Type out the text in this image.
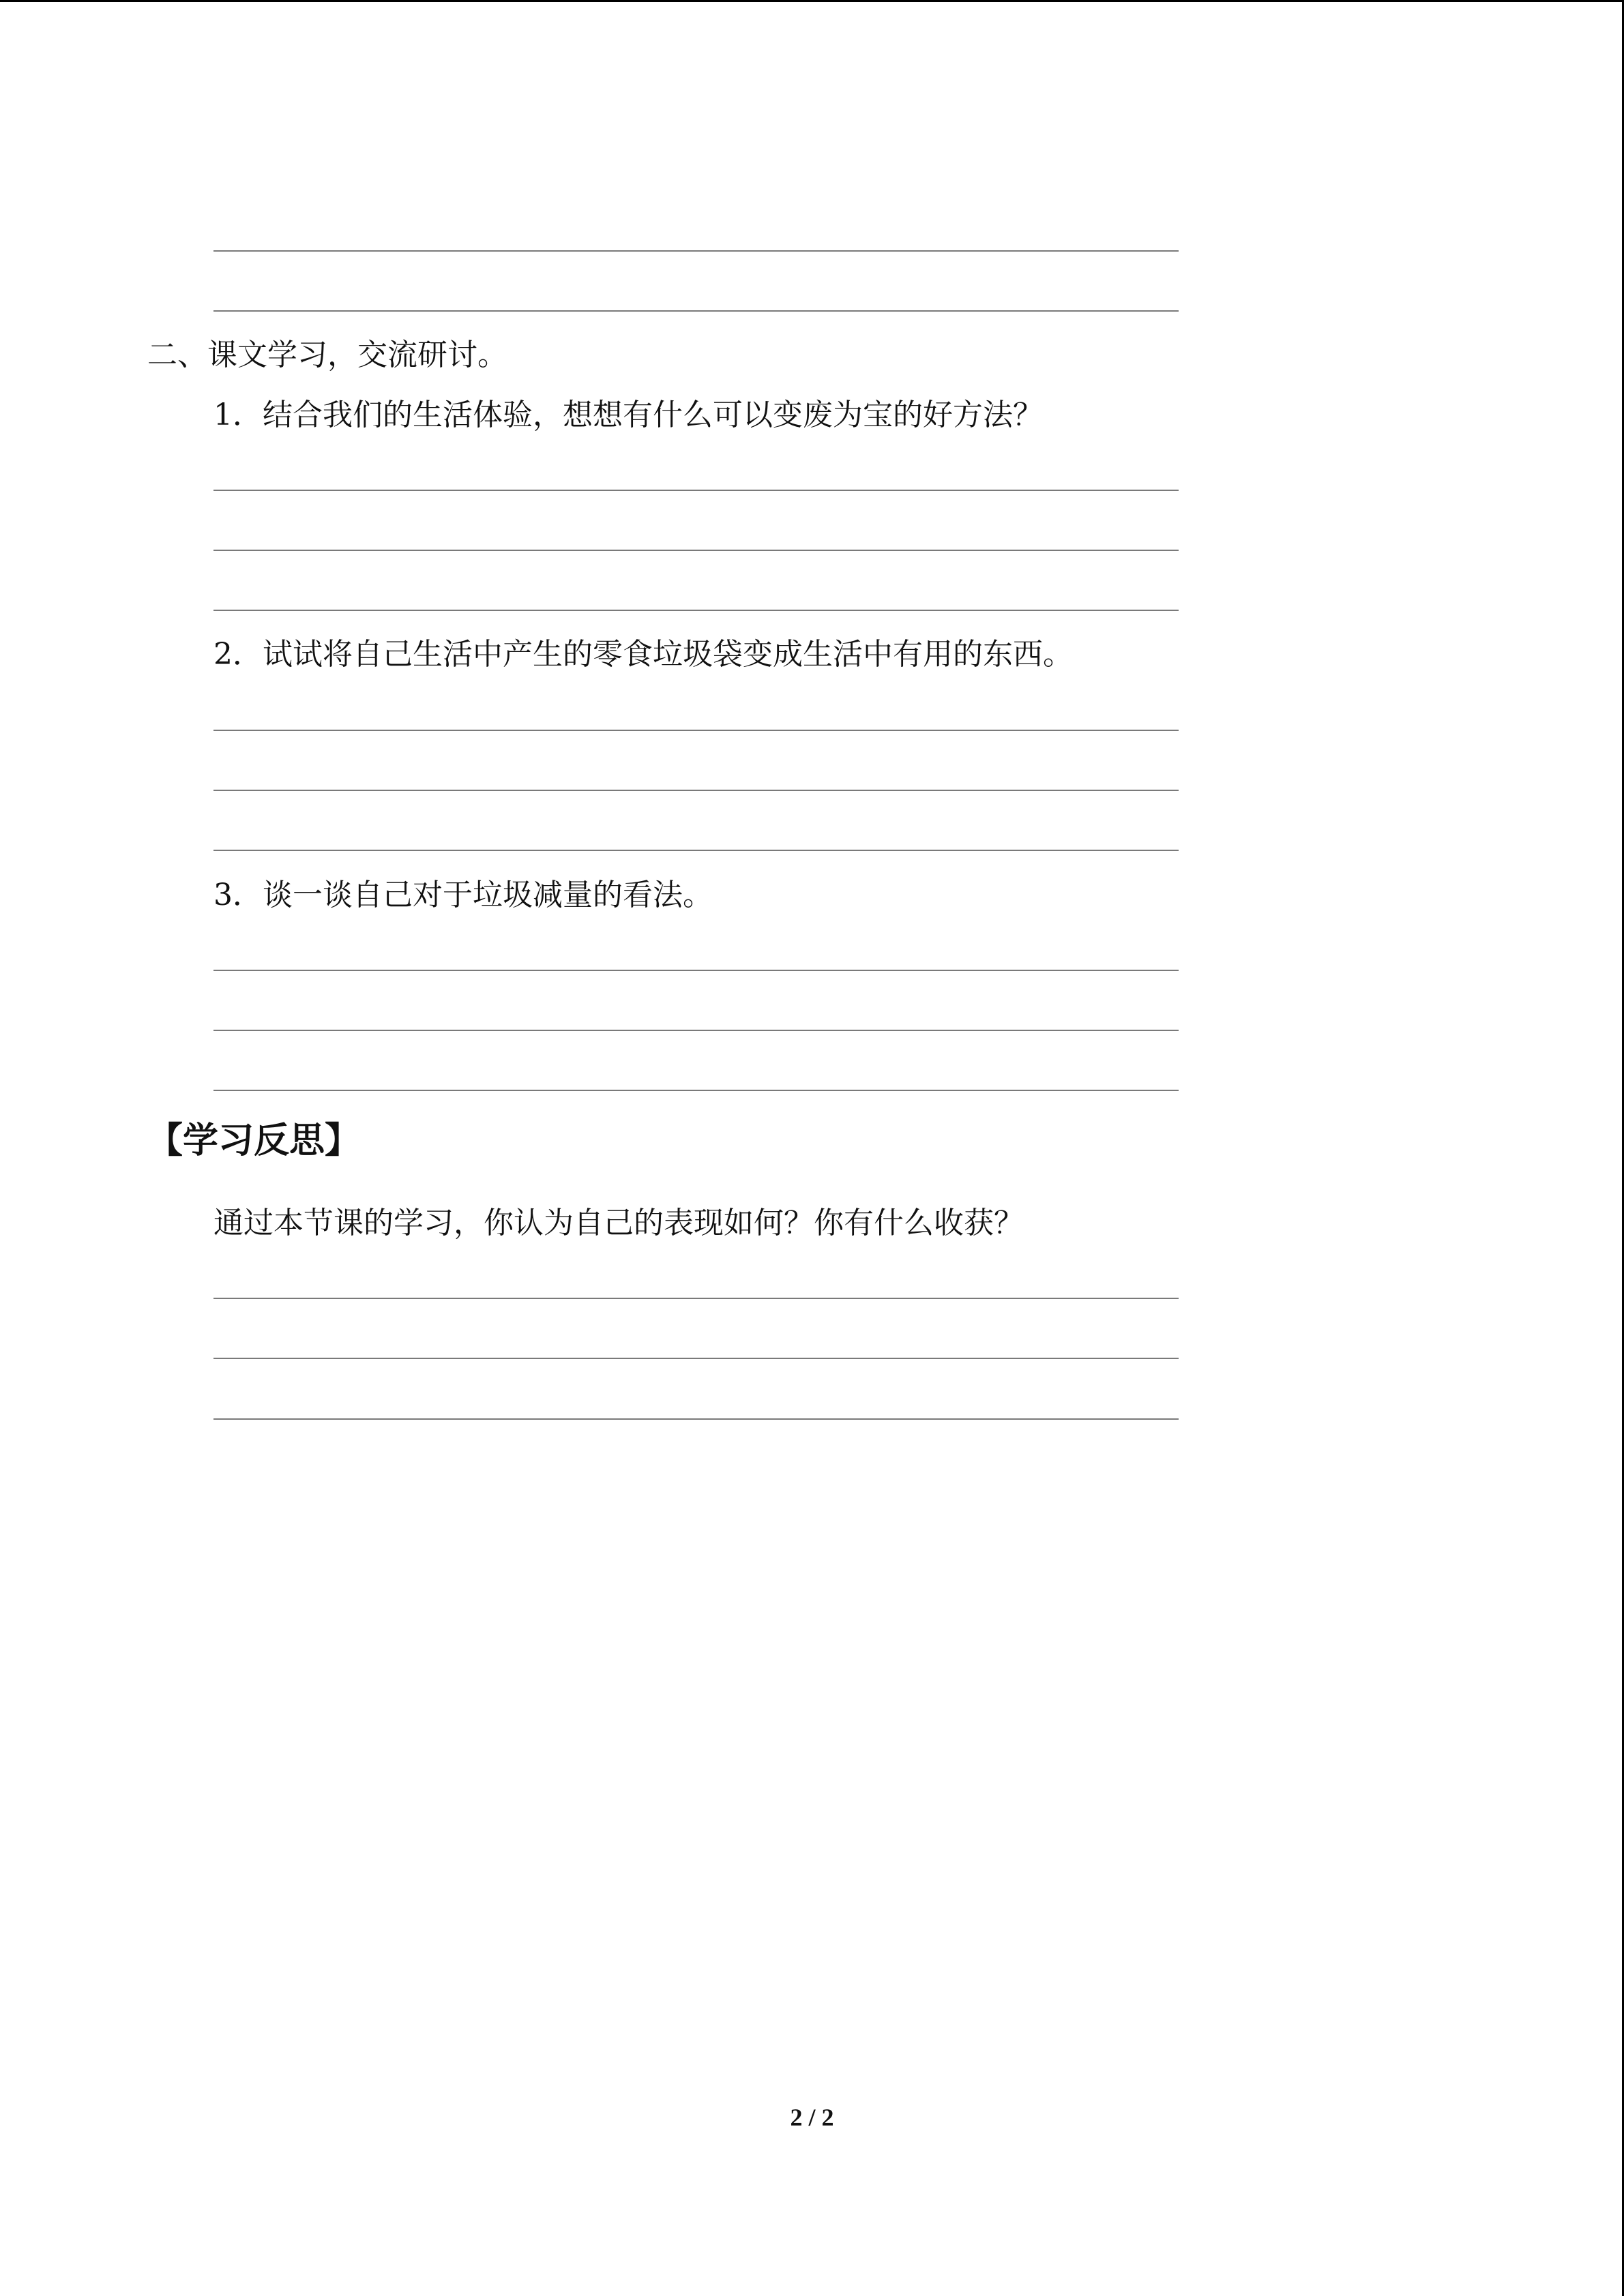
二、课文学习，交流研讨。
1．结合我们的生活体验，想想有什么可以变废为宝的好方法？
2．试试将自己生活中产生的零食垃圾袋变成生活中有用的东西。
3．谈一谈自己对于垃圾减量的看法。
【学习反思】
通过本节课的学习，你认为自己的表现如何？你有什么收获？
2 / 2
